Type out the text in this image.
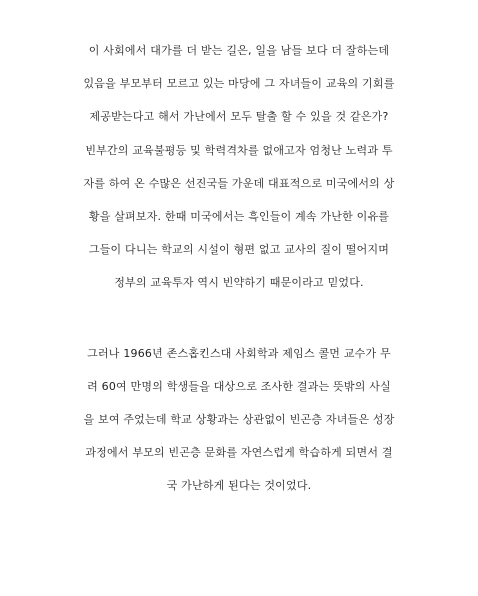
이 사회에서 대가를 더 받는 길은, 일을 남들 보다 더 잘하는데
있음을 부모부터 모르고 있는 마당에 그 자녀들이 교육의 기회를
제공받는다고 해서 가난에서 모두 탈출 할 수 있을 것 같은가?
빈부간의 교육불평등 및 학력격차를 없애고자 엄청난 노력과 투
자를 하여 온 수많은 선진국들 가운데 대표적으로 미국에서의 상
황을 살펴보자. 한때 미국에서는 흑인들이 계속 가난한 이유를
그들이 다니는 학교의 시설이 형편 없고 교사의 질이 떨어지며
정부의 교육투자 역시 빈약하기 때문이라고 믿었다.
그러나 1966년 존스홉킨스대 사회학과 제임스 콜먼 교수가 무
려 60여 만명의 학생들을 대상으로 조사한 결과는 뜻밖의 사실
을 보여 주었는데 학교 상황과는 상관없이 빈곤층 자녀들은 성장
과정에서 부모의 빈곤층 문화를 자연스럽게 학습하게 되면서 결
국 가난하게 된다는 것이었다.
